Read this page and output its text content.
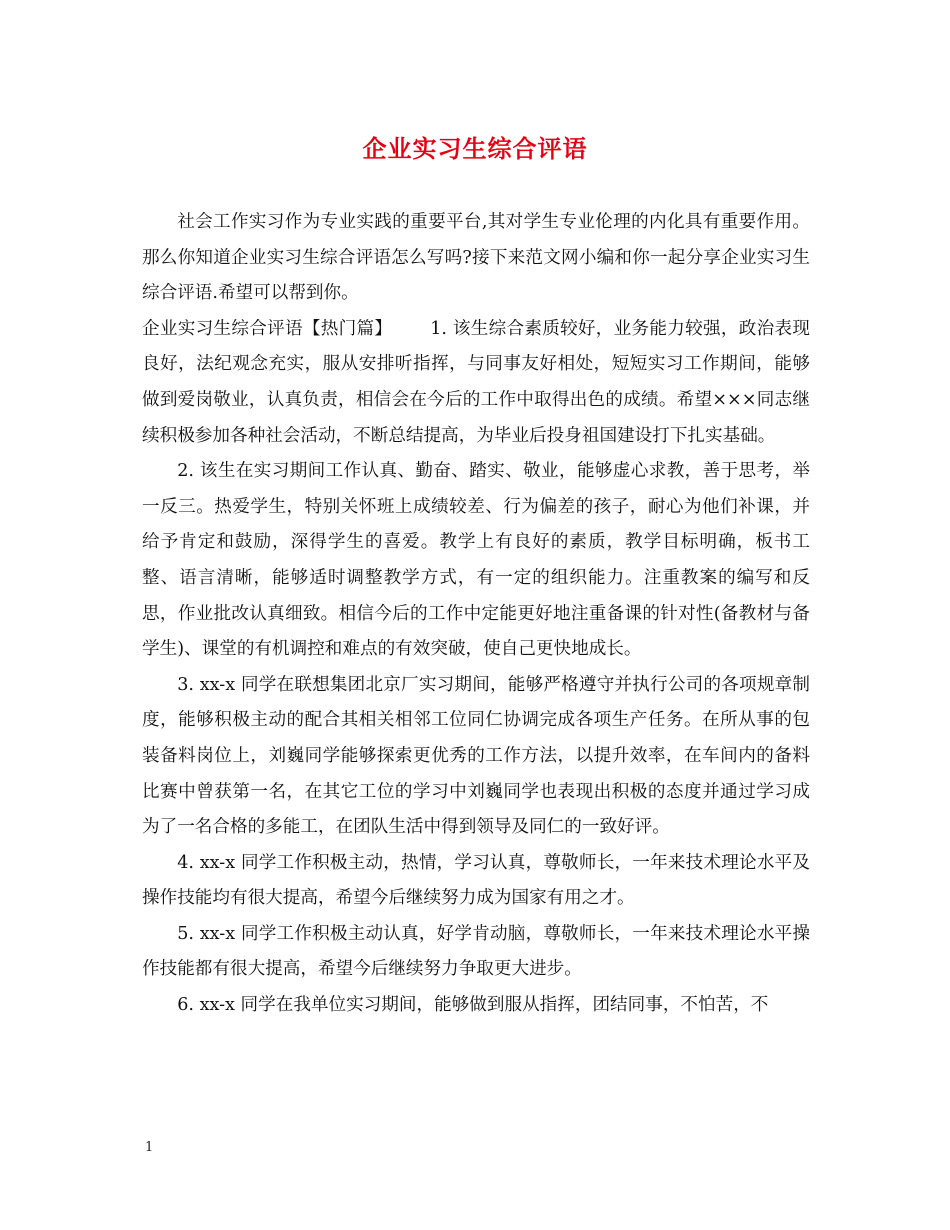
企业实习生综合评语

社会工作实习作为专业实践的重要平台,其对学生专业伦理的内化具有重要作用。那么你知道企业实习生综合评语怎么写吗?接下来范文网小编和你一起分享企业实习生综合评语.希望可以帮到你。

企业实习生综合评语【热门篇】 1. 该生综合素质较好，业务能力较强，政治表现良好，法纪观念充实，服从安排听指挥，与同事友好相处，短短实习工作期间，能够做到爱岗敬业，认真负责，相信会在今后的工作中取得出色的成绩。希望×××同志继续积极参加各种社会活动，不断总结提高，为毕业后投身祖国建设打下扎实基础。

2. 该生在实习期间工作认真、勤奋、踏实、敬业，能够虚心求教，善于思考，举一反三。热爱学生，特别关怀班上成绩较差、行为偏差的孩子，耐心为他们补课，并给予肯定和鼓励，深得学生的喜爱。教学上有良好的素质，教学目标明确，板书工整、语言清晰，能够适时调整教学方式，有一定的组织能力。注重教案的编写和反思，作业批改认真细致。相信今后的工作中定能更好地注重备课的针对性(备教材与备学生)、课堂的有机调控和难点的有效突破，使自己更快地成长。

3. xx-x 同学在联想集团北京厂实习期间，能够严格遵守并执行公司的各项规章制度，能够积极主动的配合其相关相邻工位同仁协调完成各项生产任务。在所从事的包装备料岗位上，刘巍同学能够探索更优秀的工作方法，以提升效率，在车间内的备料比赛中曾获第一名，在其它工位的学习中刘巍同学也表现出积极的态度并通过学习成为了一名合格的多能工，在团队生活中得到领导及同仁的一致好评。

4. xx-x 同学工作积极主动，热情，学习认真，尊敬师长，一年来技术理论水平及操作技能均有很大提高，希望今后继续努力成为国家有用之才。

5. xx-x 同学工作积极主动认真，好学肯动脑，尊敬师长，一年来技术理论水平操作技能都有很大提高，希望今后继续努力争取更大进步。

6. xx-x 同学在我单位实习期间，能够做到服从指挥，团结同事，不怕苦，不

1
